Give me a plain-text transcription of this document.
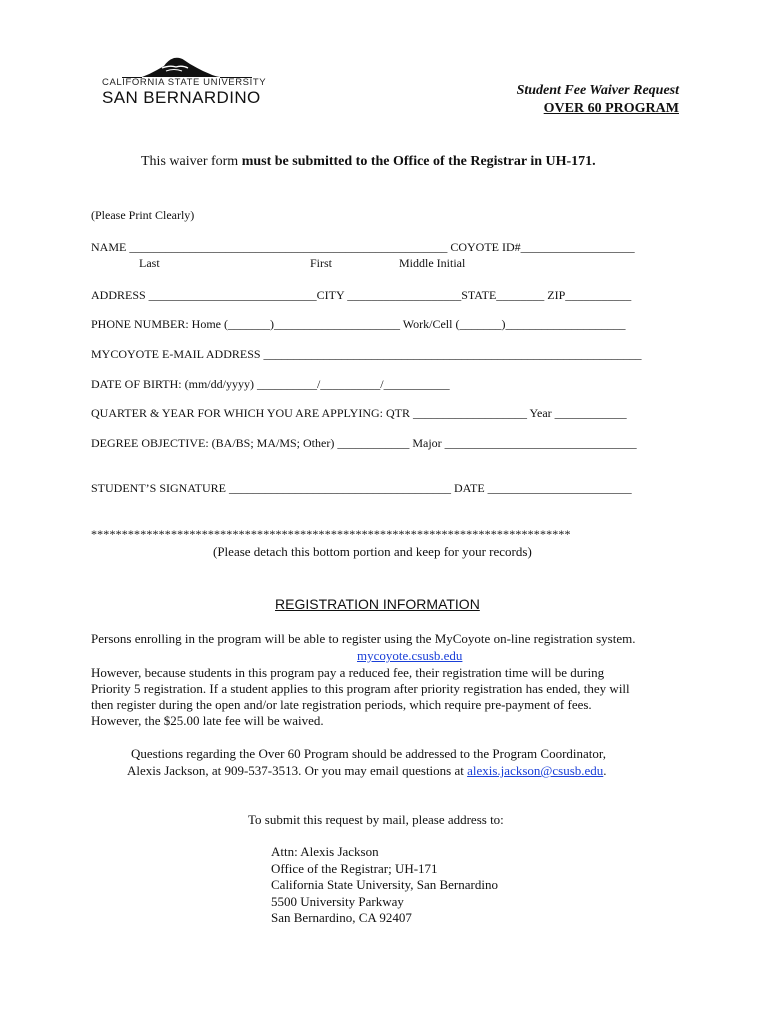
CALIFORNIA STATE UNIVERSITY
SAN BERNARDINO	Student Fee Waiver Request
OVER 60 PROGRAM
This waiver form must be submitted to the Office of the Registrar in UH-171.
(Please Print Clearly)
NAME _____________________________________________________ COYOTE ID#___________________
Last	First	Middle Initial
ADDRESS ____________________________CITY ___________________STATE________ ZIP___________
PHONE NUMBER: Home (_______)_____________________ Work/Cell (_______)____________________
MYCOYOTE E-MAIL ADDRESS _______________________________________________________________
DATE OF BIRTH: (mm/dd/yyyy) __________/__________/___________
QUARTER & YEAR FOR WHICH YOU ARE APPLYING: QTR ___________________ Year ____________
DEGREE OBJECTIVE: (BA/BS; MA/MS; Other) ____________ Major ________________________________
STUDENT’S SIGNATURE _____________________________________ DATE ________________________
******************************************************************************
(Please detach this bottom portion and keep for your records)
REGISTRATION INFORMATION
Persons enrolling in the program will be able to register using the MyCoyote on-line registration system.
mycoyote.csusb.edu
However, because students in this program pay a reduced fee, their registration time will be during
Priority 5 registration. If a student applies to this program after priority registration has ended, they will
then register during the open and/or late registration periods, which require pre-payment of fees.
However, the $25.00 late fee will be waived.
Questions regarding the Over 60 Program should be addressed to the Program Coordinator,
Alexis Jackson, at 909-537-3513. Or you may email questions at alexis.jackson@csusb.edu.
To submit this request by mail, please address to:
Attn: Alexis Jackson
Office of the Registrar; UH-171
California State University, San Bernardino
5500 University Parkway
San Bernardino, CA 92407
